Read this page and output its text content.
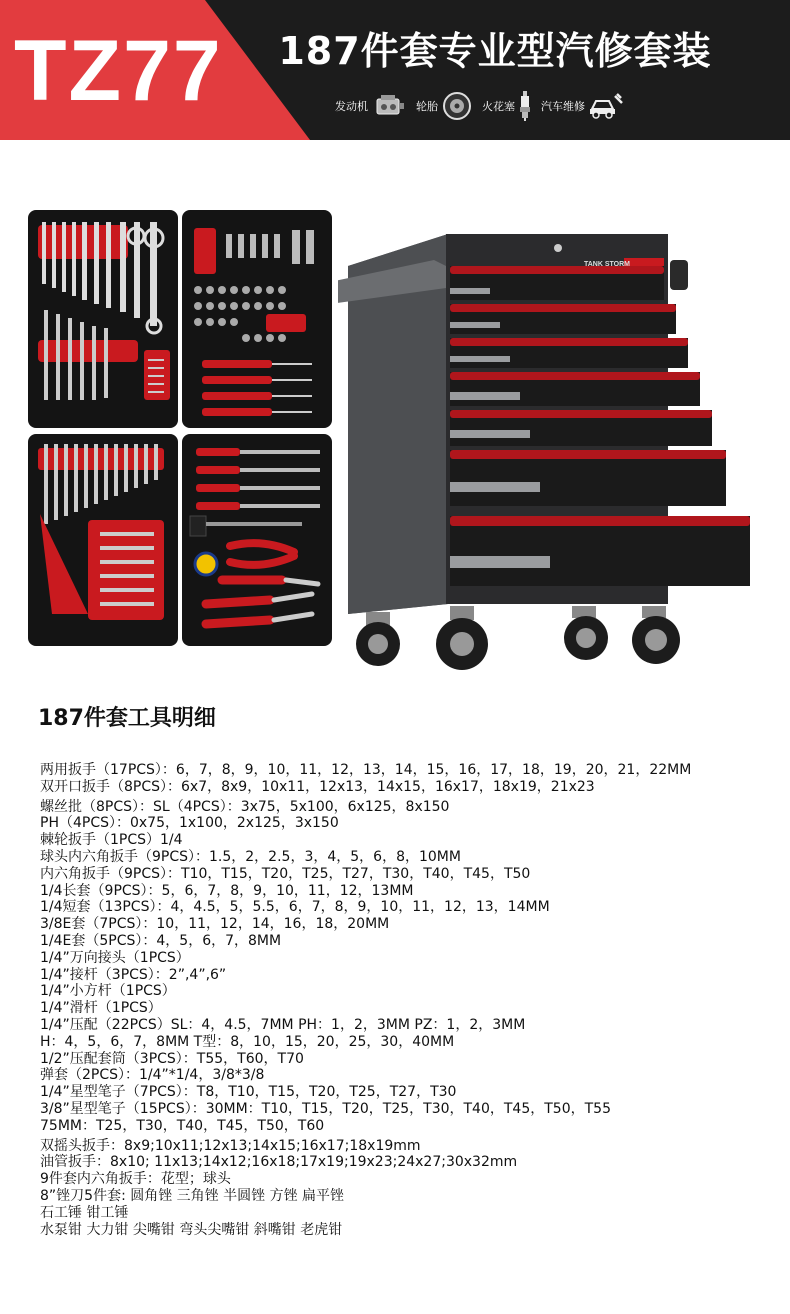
TZ77 187件套专业型汽修套装
发动机	轮胎	火花塞 汽车维修
TANK STORM
187件套工具明细
两用扳手（17PCS）：6，7，8，9，10，11，12，13，14，15，16，17，18，19，20，21，22MM
双开口扳手（8PCS）：6x7，8x9，10x11，12x13，14x15，16x17，18x19，21x23
螺丝批（8PCS）：SL（4PCS）：3x75，5x100，6x125，8x150
PH（4PCS）：0x75，1x100，2x125，3x150
棘轮扳手（1PCS）1/4
球头内六角扳手（9PCS）：1.5，2，2.5，3，4，5，6，8，10MM
内六角扳手（9PCS）：T10，T15，T20，T25，T27，T30，T40，T45，T50
1/4长套（9PCS）：5，6，7，8，9，10，11，12，13MM
1/4短套（13PCS）：4，4.5，5，5.5，6，7，8，9，10，11，12，13，14MM
3/8E套（7PCS）：10，11，12，14，16，18，20MM
1/4E套（5PCS）：4，5，6，7，8MM
1/4”万向接头（1PCS）
1/4”接杆（3PCS）：2”,4”,6”
1/4”小方杆（1PCS）
1/4”滑杆（1PCS）
1/4”压配（22PCS）SL：4，4.5，7MM PH：1，2，3MM PZ：1，2，3MM
H：4，5，6，7，8MM T型：8，10，15，20，25，30，40MM
1/2”压配套筒（3PCS）：T55，T60，T70
弹套（2PCS）：1/4”*1/4，3/8*3/8
1/4”星型笔子（7PCS）：T8，T10，T15，T20，T25，T27，T30
3/8”星型笔子（15PCS）：30MM：T10，T15，T20，T25，T30，T40，T45，T50，T55
75MM：T25，T30，T40，T45，T50，T60
双摇头扳手：8x9;10x11;12x13;14x15;16x17;18x19mm
油管扳手：8x10; 11x13;14x12;16x18;17x19;19x23;24x27;30x32mm
9件套内六角扳手：花型；球头
8”锉刀5件套: 圆角锉 三角锉 半圆锉 方锉 扁平锉
石工锤 钳工锤
水泵钳 大力钳 尖嘴钳 弯头尖嘴钳 斜嘴钳 老虎钳
